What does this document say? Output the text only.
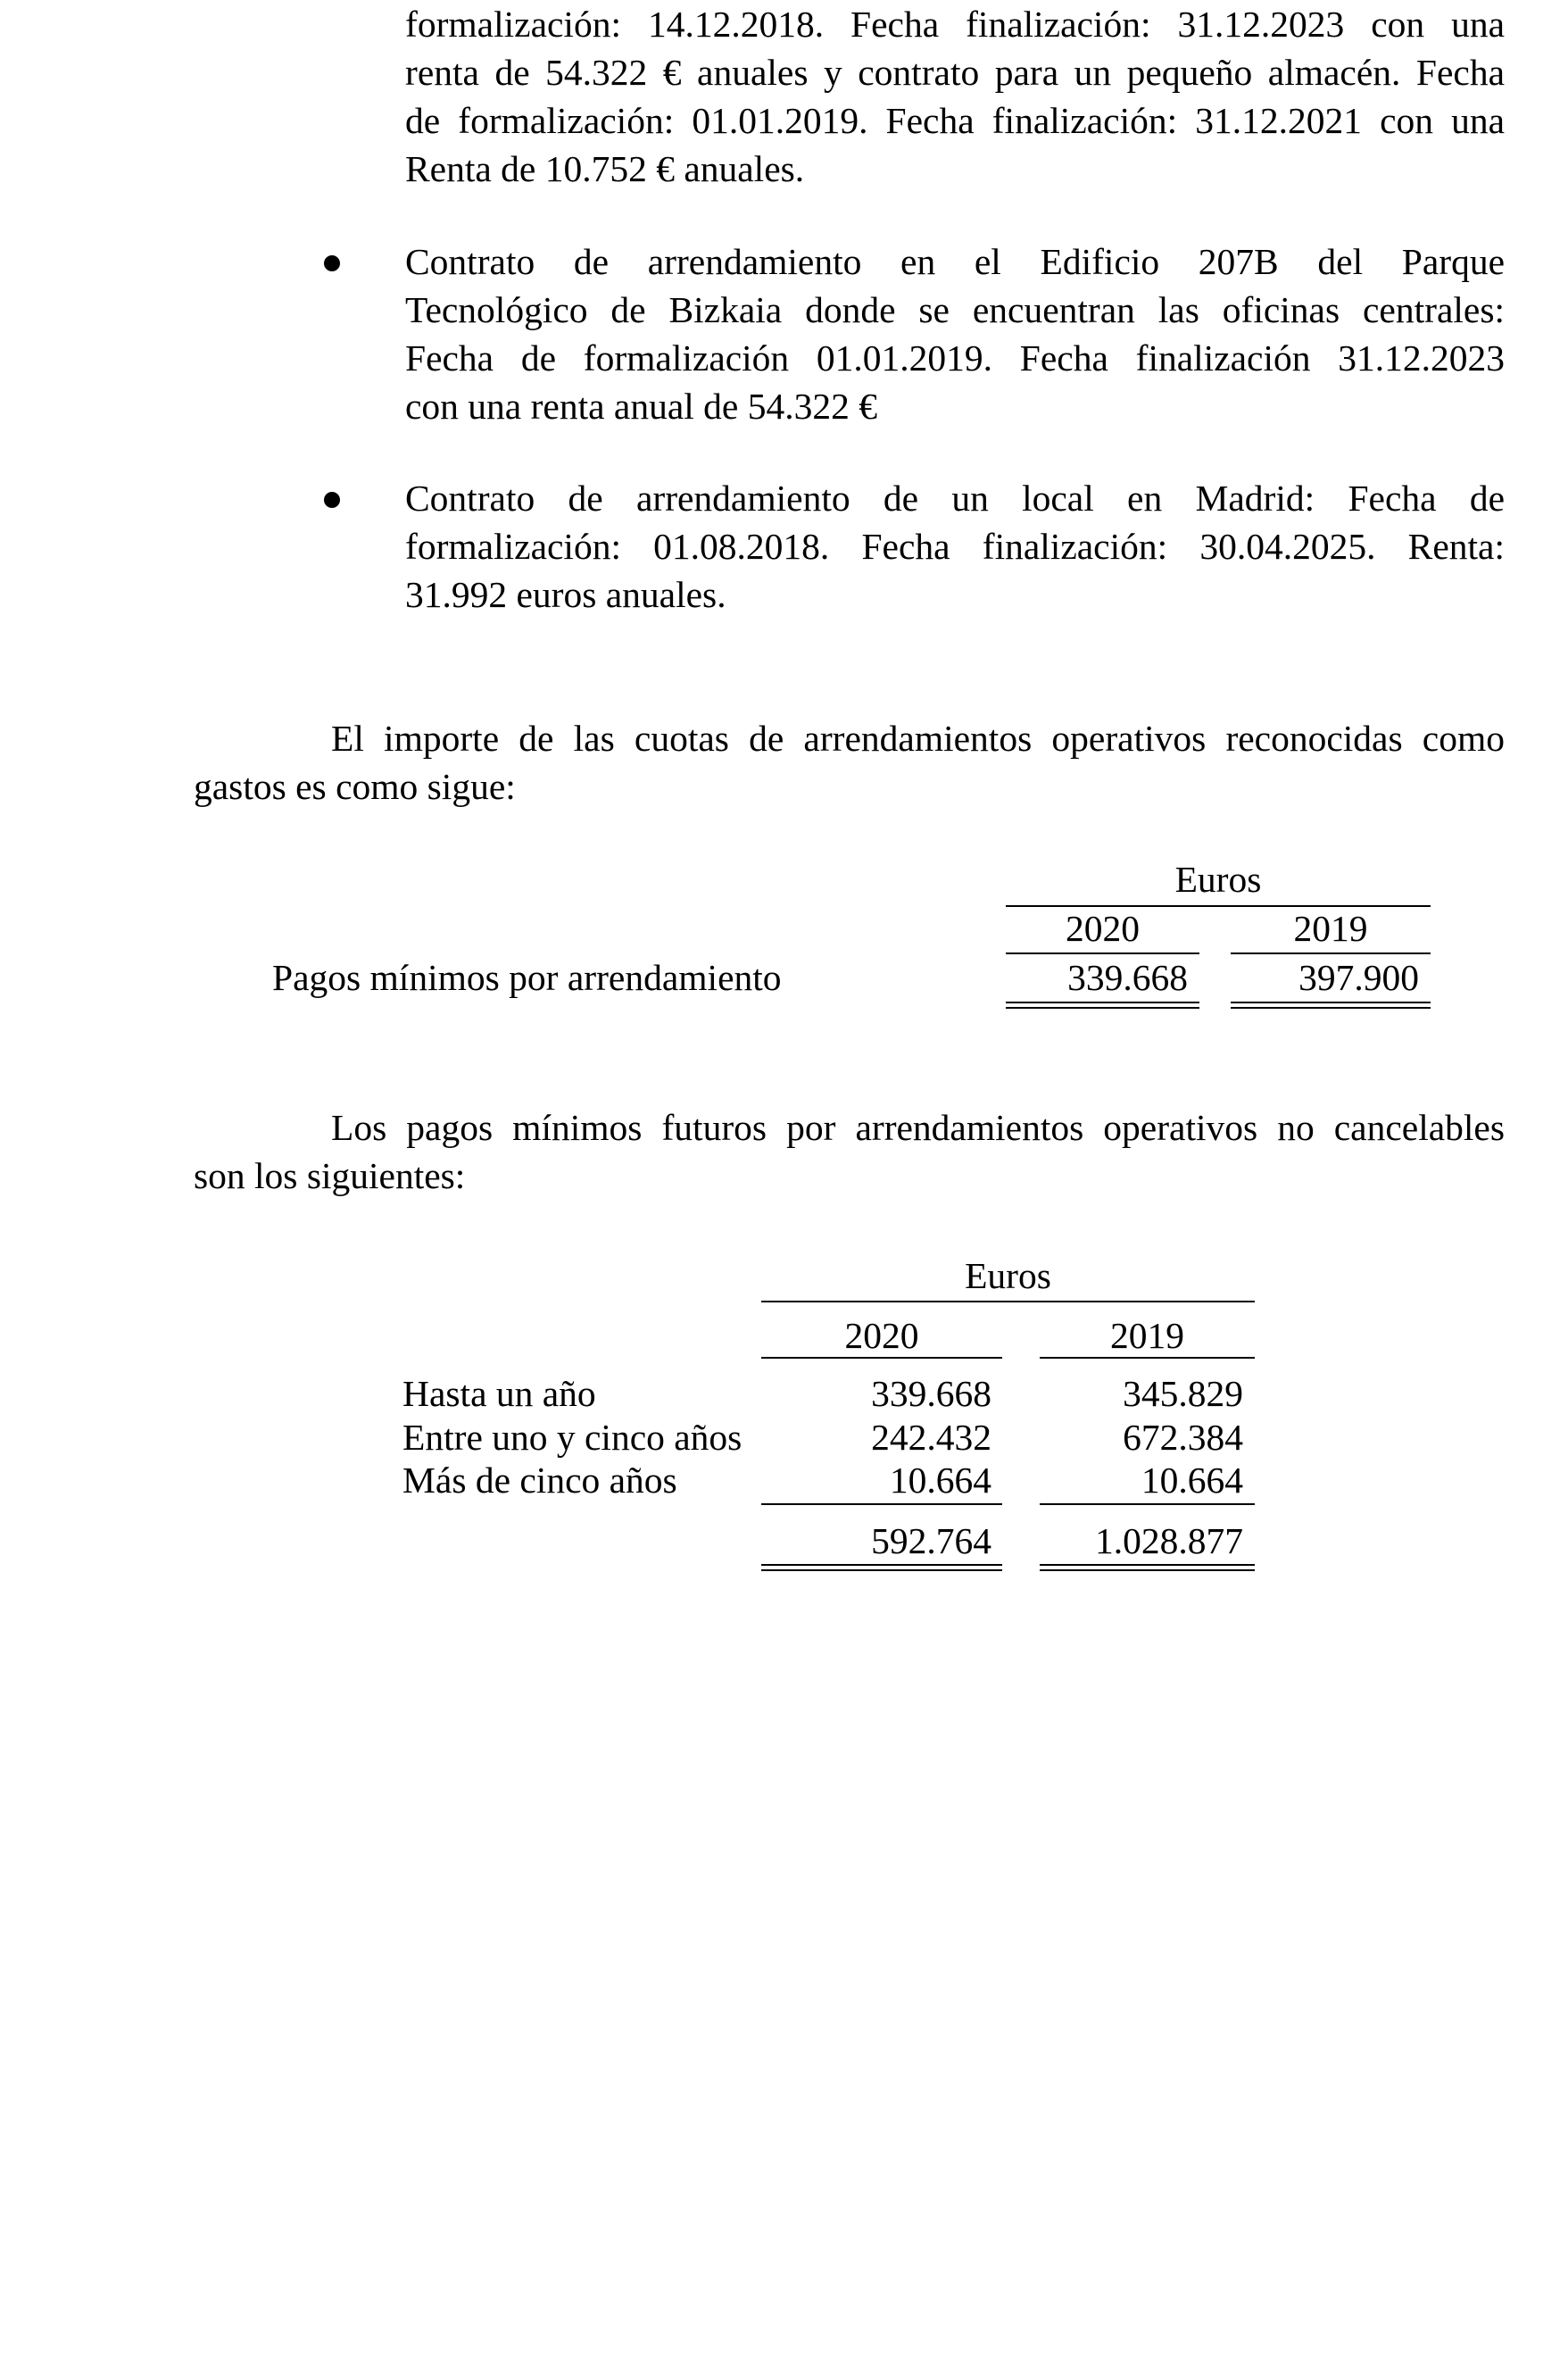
formalización: 14.12.2018. Fecha finalización: 31.12.2023 con una
renta de 54.322 € anuales y contrato para un pequeño almacén. Fecha
de formalización: 01.01.2019. Fecha finalización: 31.12.2021 con una
Renta de 10.752 € anuales.
Contrato de arrendamiento en el Edificio 207B del Parque
Tecnológico de Bizkaia donde se encuentran las oficinas centrales:
Fecha de formalización 01.01.2019. Fecha finalización 31.12.2023
con una renta anual de 54.322 €
Contrato de arrendamiento de un local en Madrid: Fecha de
formalización: 01.08.2018. Fecha finalización: 30.04.2025. Renta:
31.992 euros anuales.
El importe de las cuotas de arrendamientos operativos reconocidas como
gastos es como sigue:
Euros
2020	2019
Pagos mínimos por arrendamiento	339.668	397.900
Los pagos mínimos futuros por arrendamientos operativos no cancelables
son los siguientes:
Euros
2020	2019
Hasta un año	339.668	345.829
Entre uno y cinco años	242.432	672.384
Más de cinco años	10.664	10.664
592.764	1.028.877
